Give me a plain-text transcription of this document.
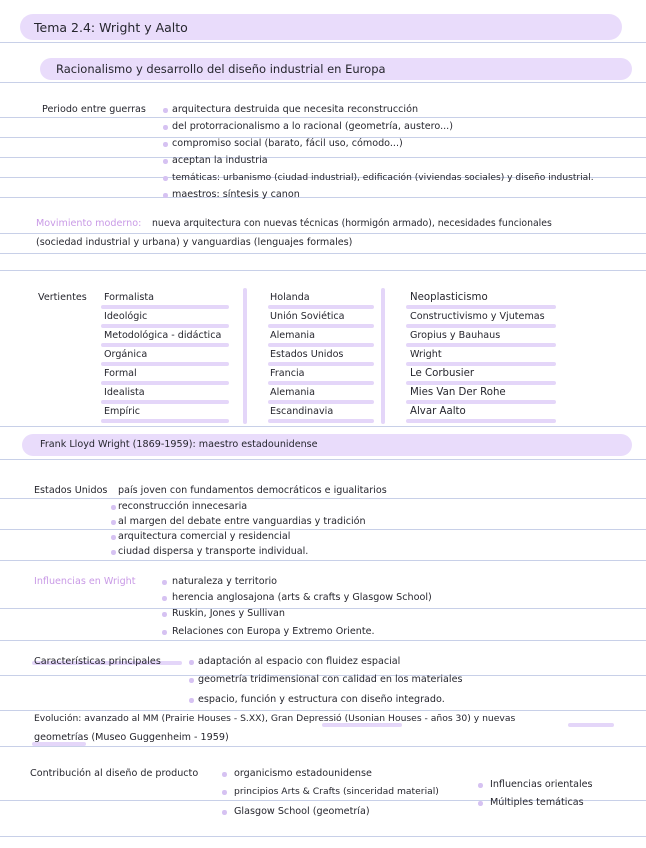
Tema 2.4: Wright y Aalto
Racionalismo y desarrollo del diseño industrial en Europa
Periodo entre guerras	arquitectura destruida que necesita reconstrucción
del protorracionalismo a lo racional (geometría, austero...)
compromiso social (barato, fácil uso, cómodo...)
aceptan la industria
temáticas: urbanismo (ciudad industrial), edificación (viviendas sociales) y diseño industrial.
maestros: síntesis y canon
Movimiento moderno: nueva arquitectura con nuevas técnicas (hormigón armado), necesidades funcionales
(sociedad industrial y urbana) y vanguardias (lenguajes formales)
Vertientes Formalista	Holanda	Neoplasticismo
Ideológic	Unión Soviética	Constructivismo y Vjutemas
Metodológica - didáctica	Alemania	Gropius y Bauhaus
Orgánica	Estados Unidos	Wright
Formal	Francia	Le Corbusier
Idealista	Alemania	Mies Van Der Rohe
Empíric	Escandinavia	Alvar Aalto
Frank Lloyd Wright (1869-1959): maestro estadounidense
Estados Unidos país joven con fundamentos democráticos e igualitarios
reconstrucción innecesaria
al margen del debate entre vanguardias y tradición
arquitectura comercial y residencial
ciudad dispersa y transporte individual.
Influencias en Wright	naturaleza y territorio
herencia anglosajona (arts & crafts y Glasgow School)
Ruskin, Jones y Sullivan
Relaciones con Europa y Extremo Oriente.
Características principales	adaptación al espacio con fluidez espacial
geometría tridimensional con calidad en los materiales
espacio, función y estructura con diseño integrado.
Evolución: avanzado al MM (Prairie Houses - S.XX), Gran Depressió (Usonian Houses - años 30) y nuevas
geometrías (Museo Guggenheim - 1959)
Contribución al diseño de producto	organicismo estadounidense
principios Arts & Crafts (sinceridad material)
Glasgow School (geometría)
Influencias orientales
Múltiples temáticas
